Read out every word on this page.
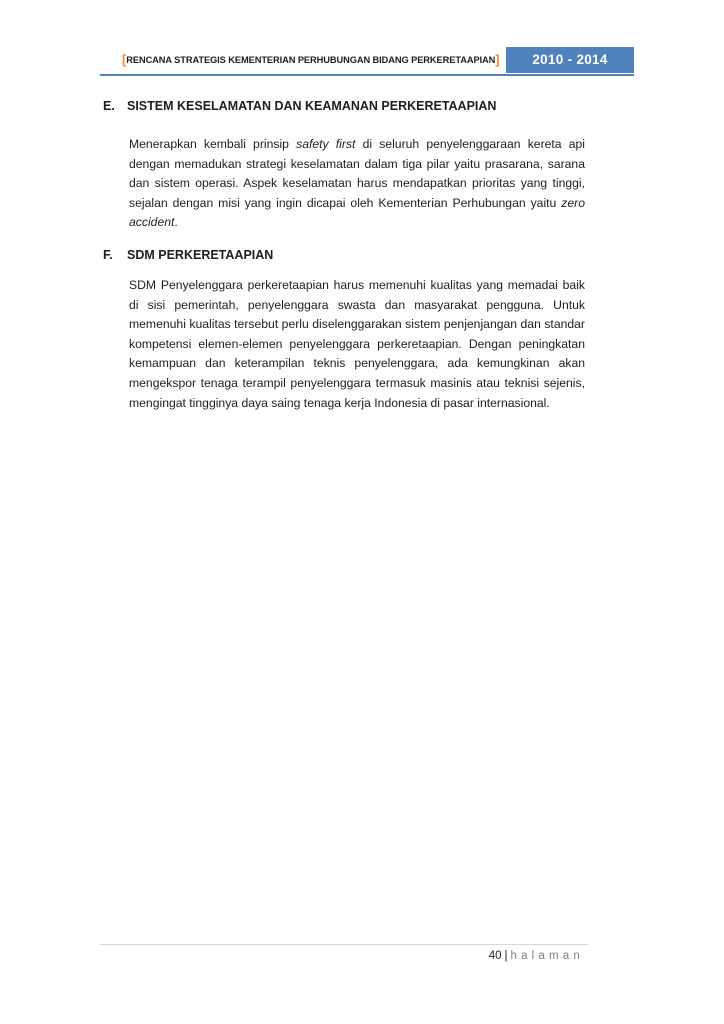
[RENCANA STRATEGIS KEMENTERIAN PERHUBUNGAN BIDANG PERKERETAAPIAN]	2010 - 2014
E. SISTEM KESELAMATAN DAN KEAMANAN PERKERETAAPIAN
Menerapkan kembali prinsip safety first di seluruh penyelenggaraan kereta api dengan memadukan strategi keselamatan dalam tiga pilar yaitu prasarana, sarana dan sistem operasi. Aspek keselamatan harus mendapatkan prioritas yang tinggi, sejalan dengan misi yang ingin dicapai oleh Kementerian Perhubungan yaitu zero accident.
F. SDM PERKERETAAPIAN
SDM Penyelenggara perkeretaapian harus memenuhi kualitas yang memadai baik di sisi pemerintah, penyelenggara swasta dan masyarakat pengguna. Untuk memenuhi kualitas tersebut perlu diselenggarakan sistem penjenjangan dan standar kompetensi elemen-elemen penyelenggara perkeretaapian. Dengan peningkatan kemampuan dan keterampilan teknis penyelenggara, ada kemungkinan akan mengekspor tenaga terampil penyelenggara termasuk masinis atau teknisi sejenis, mengingat tingginya daya saing tenaga kerja Indonesia di pasar internasional.
40 | halaman
